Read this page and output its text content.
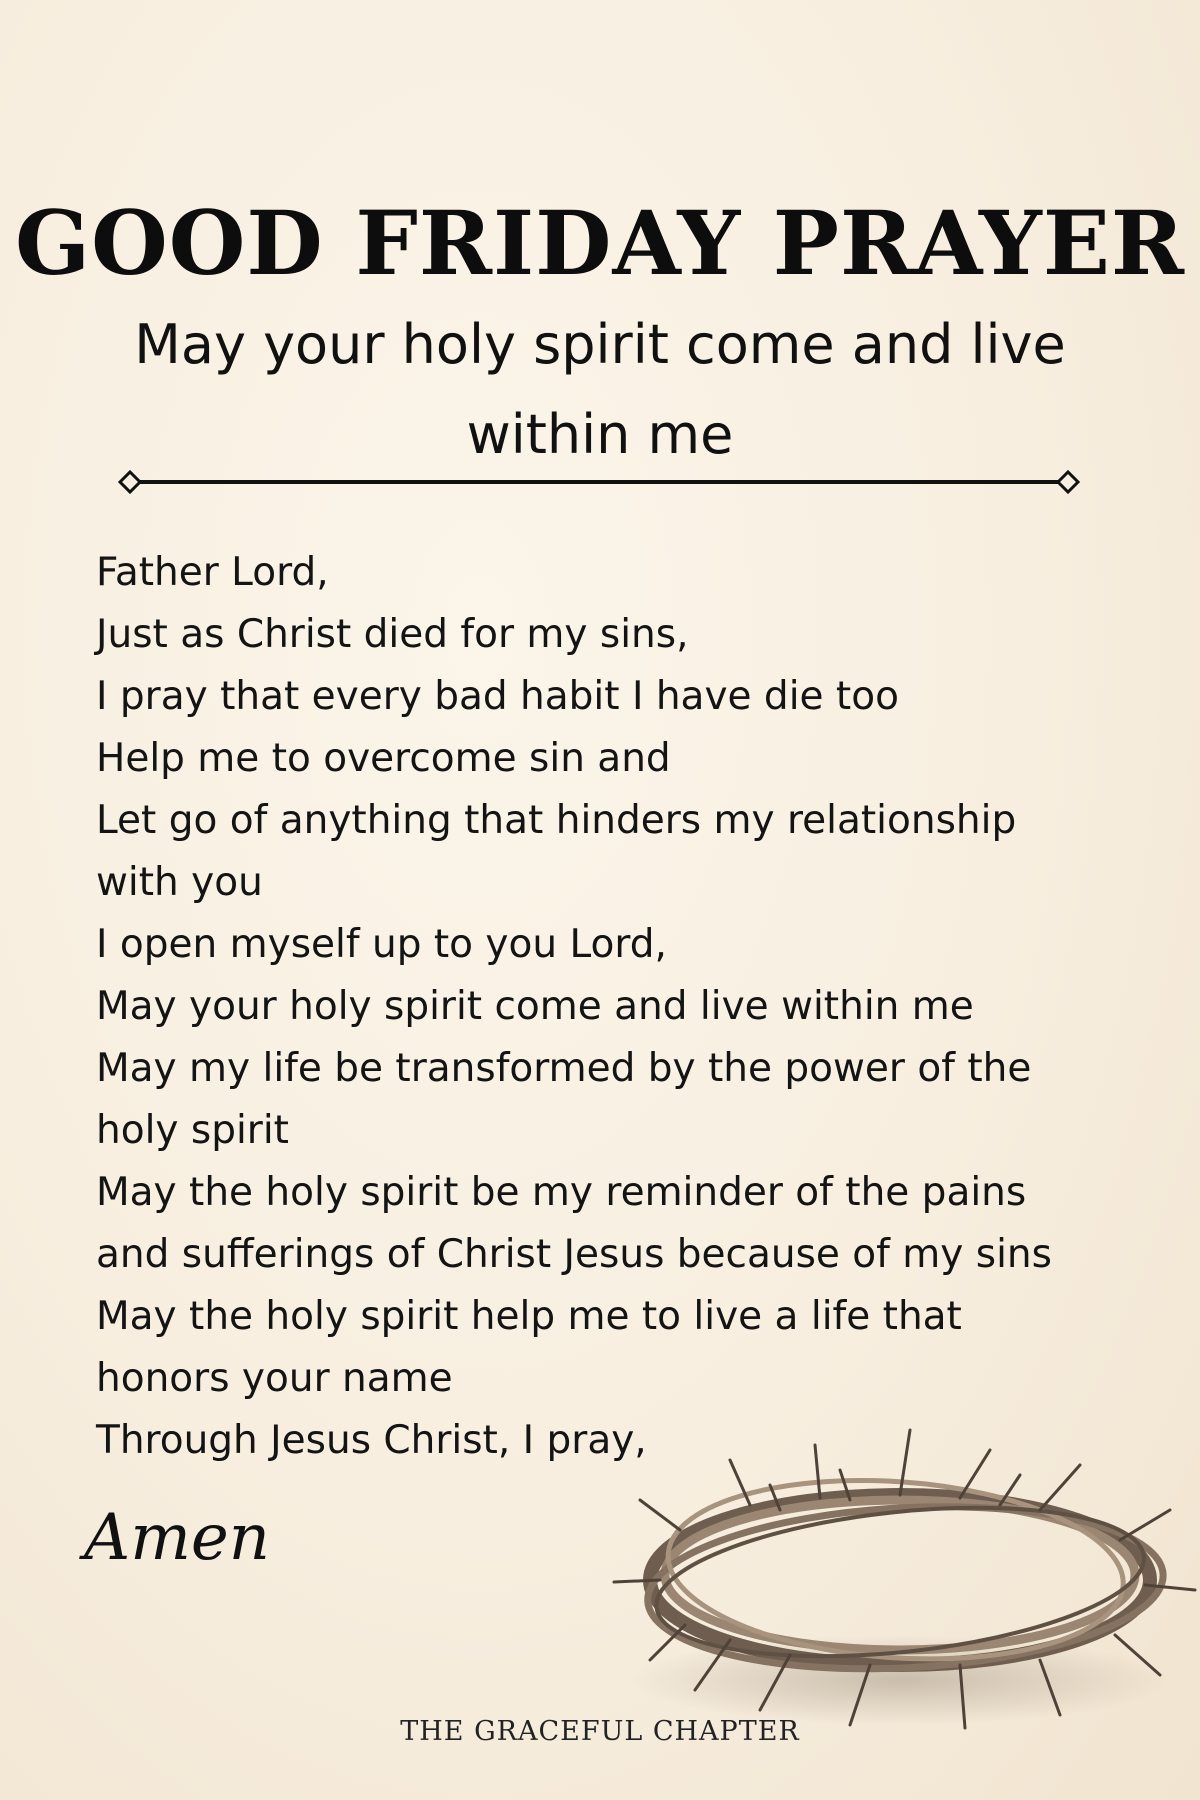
GOOD FRIDAY PRAYER
May your holy spirit come and live within me
Father Lord,
Just as Christ died for my sins,
I pray that every bad habit I have die too
Help me to overcome sin and
Let go of anything that hinders my relationship
with you
I open myself up to you Lord,
May your holy spirit come and live within me
May my life be transformed by the power of the
holy spirit
May the holy spirit be my reminder of the pains
and sufferings of Christ Jesus because of my sins
May the holy spirit help me to live a life that
honors your name
Through Jesus Christ, I pray,
Amen
THE GRACEFUL CHAPTER
